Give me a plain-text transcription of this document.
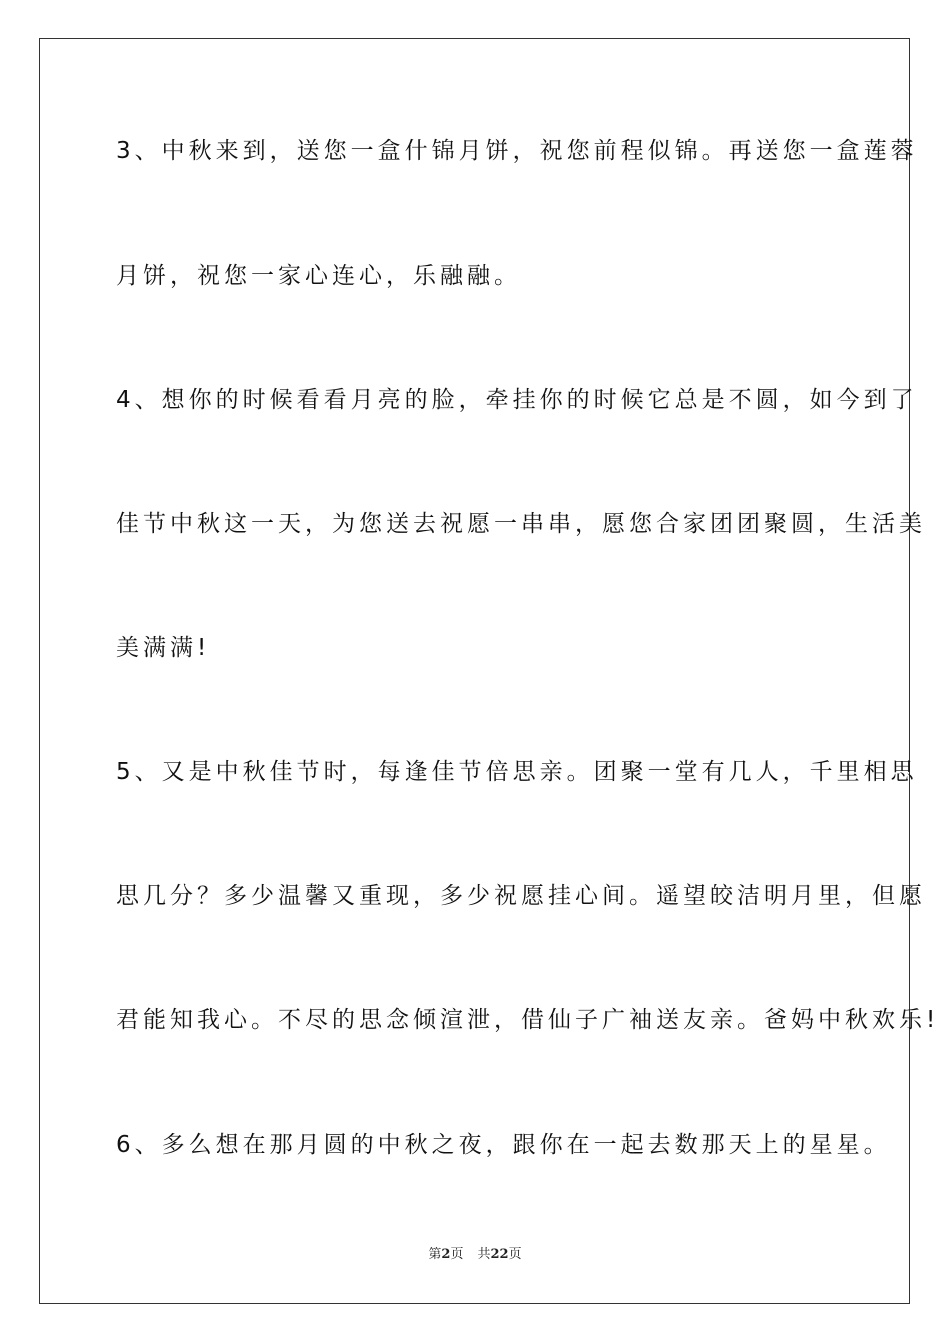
3、中秋来到，送您一盒什锦月饼，祝您前程似锦。再送您一盒莲蓉
月饼，祝您一家心连心，乐融融。
4、想你的时候看看月亮的脸，牵挂你的时候它总是不圆，如今到了
佳节中秋这一天，为您送去祝愿一串串，愿您合家团团聚圆，生活美
美满满!
5、又是中秋佳节时，每逢佳节倍思亲。团聚一堂有几人，千里相思
思几分？多少温馨又重现，多少祝愿挂心间。遥望皎洁明月里，但愿
君能知我心。不尽的思念倾渲泄，借仙子广袖送友亲。爸妈中秋欢乐!
6、多么想在那月圆的中秋之夜，跟你在一起去数那天上的星星。
第2页 共22页
